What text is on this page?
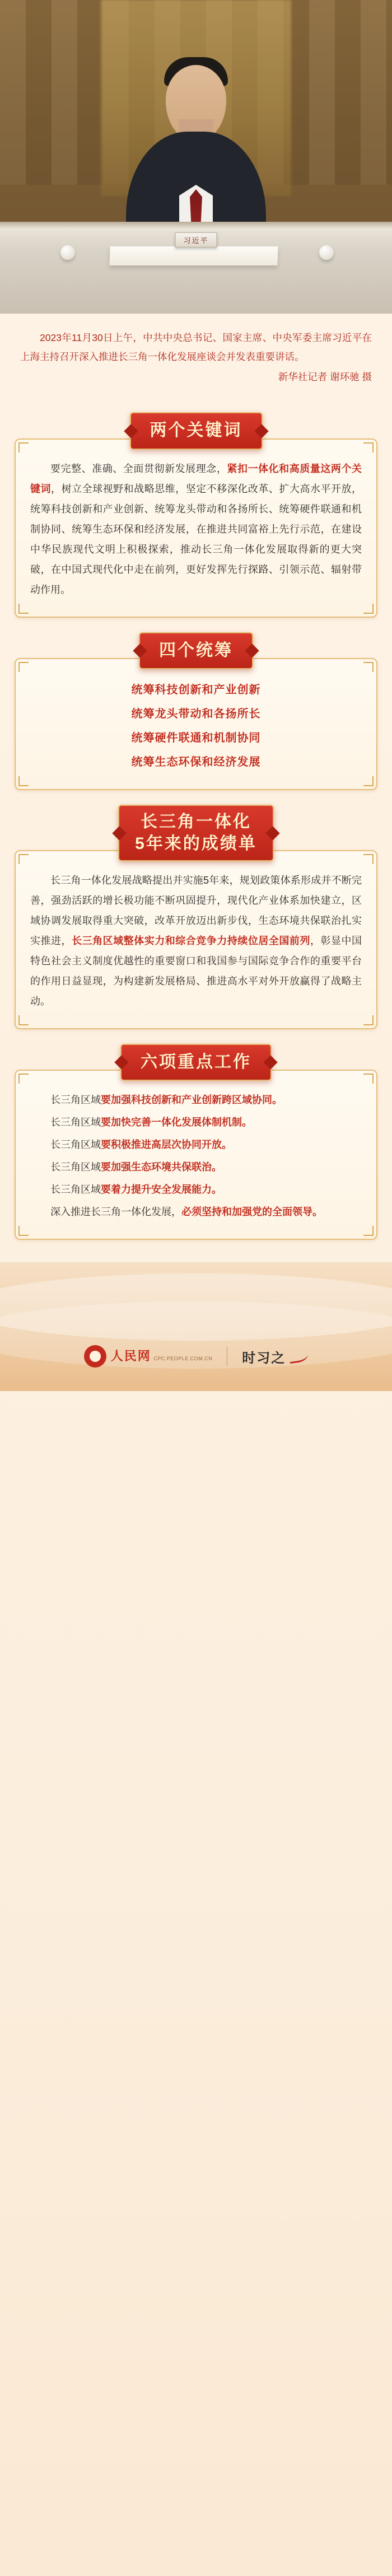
习近平
2023年11月30日上午，中共中央总书记、国家主席、中央军委主席习近平在上海主持召开深入推进长三角一体化发展座谈会并发表重要讲话。
新华社记者 谢环驰 摄
两个关键词

要完整、准确、全面贯彻新发展理念，紧扣一体化和高质量这两个关键词，树立全球视野和战略思维，坚定不移深化改革、扩大高水平开放，统筹科技创新和产业创新、统筹龙头带动和各扬所长、统筹硬件联通和机制协同、统筹生态环保和经济发展，在推进共同富裕上先行示范，在建设中华民族现代文明上积极探索，推动长三角一体化发展取得新的更大突破，在中国式现代化中走在前列，更好发挥先行探路、引领示范、辐射带动作用。

四个统筹
统筹科技创新和产业创新
统筹龙头带动和各扬所长
统筹硬件联通和机制协同
统筹生态环保和经济发展
长三角一体化
5年来的成绩单

长三角一体化发展战略提出并实施5年来，规划政策体系形成并不断完善，强劲活跃的增长极功能不断巩固提升，现代化产业体系加快建立，区域协调发展取得重大突破，改革开放迈出新步伐，生态环境共保联治扎实实推进，长三角区域整体实力和综合竞争力持续位居全国前列，彰显中国特色社会主义制度优越性的重要窗口和我国参与国际竞争合作的重要平台的作用日益显现，为构建新发展格局、推进高水平对外开放赢得了战略主动。

六项重点工作

长三角区域要加强科技创新和产业创新跨区域协同。

长三角区域要加快完善一体化发展体制机制。

长三角区域要积极推进高层次协同开放。

长三角区域要加强生态环境共保联治。

长三角区域要着力提升安全发展能力。

深入推进长三角一体化发展，必须坚持和加强党的全面领导。

人民网 CPC.PEOPLE.COM.CN 时习之
